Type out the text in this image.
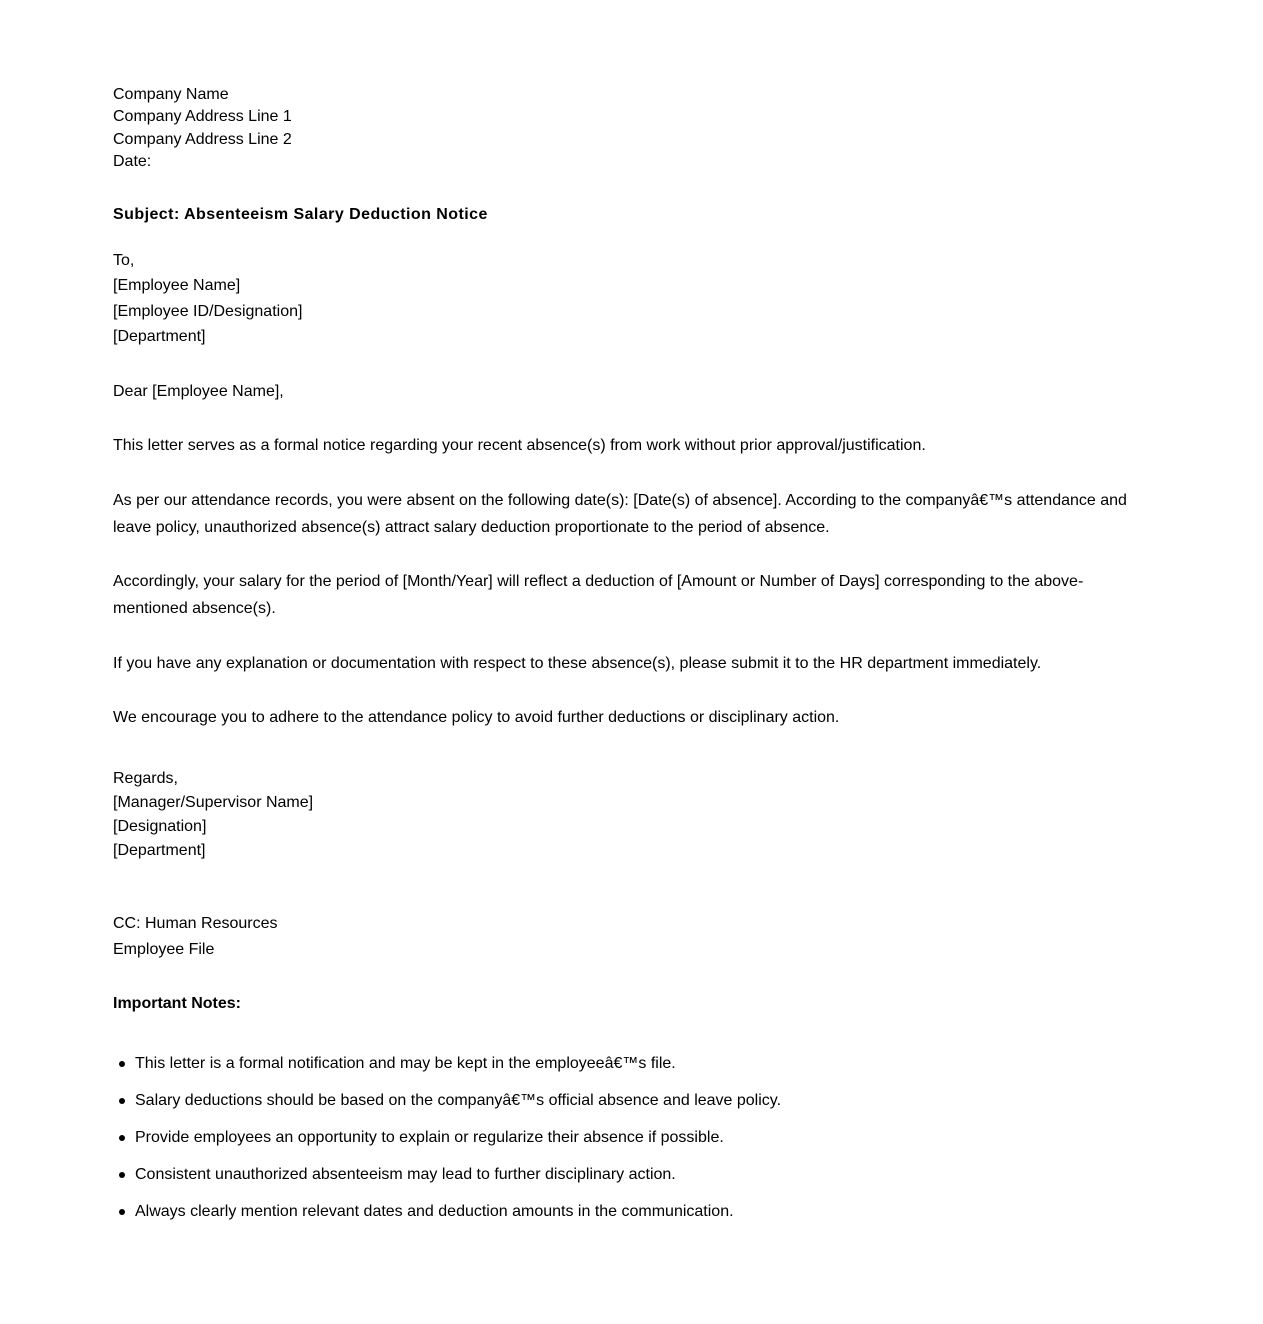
Company Name
Company Address Line 1
Company Address Line 2
Date:
Subject: Absenteeism Salary Deduction Notice
To,
[Employee Name]
[Employee ID/Designation]
[Department]
Dear [Employee Name],
This letter serves as a formal notice regarding your recent absence(s) from work without prior approval/justification.
As per our attendance records, you were absent on the following date(s): [Date(s) of absence]. According to the companyâ€™s attendance and leave policy, unauthorized absence(s) attract salary deduction proportionate to the period of absence.
Accordingly, your salary for the period of [Month/Year] will reflect a deduction of [Amount or Number of Days] corresponding to the above-mentioned absence(s).
If you have any explanation or documentation with respect to these absence(s), please submit it to the HR department immediately.
We encourage you to adhere to the attendance policy to avoid further deductions or disciplinary action.
Regards,
[Manager/Supervisor Name]
[Designation]
[Department]
CC: Human Resources
Employee File
Important Notes:
This letter is a formal notification and may be kept in the employeeâ€™s file.
Salary deductions should be based on the companyâ€™s official absence and leave policy.
Provide employees an opportunity to explain or regularize their absence if possible.
Consistent unauthorized absenteeism may lead to further disciplinary action.
Always clearly mention relevant dates and deduction amounts in the communication.
